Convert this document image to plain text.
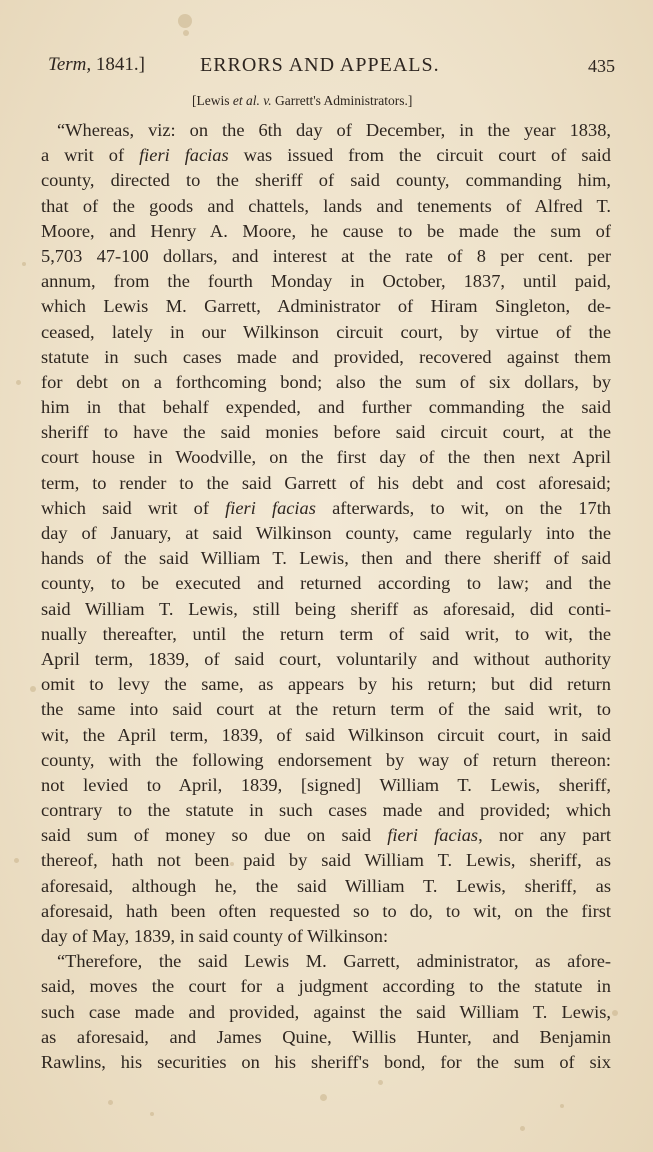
Term, 1841.]	ERRORS AND APPEALS.	435
[Lewis et al. v. Garrett's Administrators.]
“Whereas, viz: on the 6th day of December, in the year 1838,
a writ of fieri facias was issued from the circuit court of said
county, directed to the sheriff of said county, commanding him,
that of the goods and chattels, lands and tenements of Alfred T.
Moore, and Henry A. Moore, he cause to be made the sum of
5,703 47-100 dollars, and interest at the rate of 8 per cent. per
annum, from the fourth Monday in October, 1837, until paid,
which Lewis M. Garrett, Administrator of Hiram Singleton, de-
ceased, lately in our Wilkinson circuit court, by virtue of the
statute in such cases made and provided, recovered against them
for debt on a forthcoming bond; also the sum of six dollars, by
him in that behalf expended, and further commanding the said
sheriff to have the said monies before said circuit court, at the
court house in Woodville, on the first day of the then next April
term, to render to the said Garrett of his debt and cost aforesaid;
which said writ of fieri facias afterwards, to wit, on the 17th
day of January, at said Wilkinson county, came regularly into the
hands of the said William T. Lewis, then and there sheriff of said
county, to be executed and returned according to law; and the
said William T. Lewis, still being sheriff as aforesaid, did conti-
nually thereafter, until the return term of said writ, to wit, the
April term, 1839, of said court, voluntarily and without authority
omit to levy the same, as appears by his return; but did return
the same into said court at the return term of the said writ, to
wit, the April term, 1839, of said Wilkinson circuit court, in said
county, with the following endorsement by way of return thereon:
not levied to April, 1839, [signed] William T. Lewis, sheriff,
contrary to the statute in such cases made and provided; which
said sum of money so due on said fieri facias, nor any part
thereof, hath not been paid by said William T. Lewis, sheriff, as
aforesaid, although he, the said William T. Lewis, sheriff, as
aforesaid, hath been often requested so to do, to wit, on the first
day of May, 1839, in said county of Wilkinson:
“Therefore, the said Lewis M. Garrett, administrator, as afore-
said, moves the court for a judgment according to the statute in
such case made and provided, against the said William T. Lewis,
as aforesaid, and James Quine, Willis Hunter, and Benjamin
Rawlins, his securities on his sheriff's bond, for the sum of six
